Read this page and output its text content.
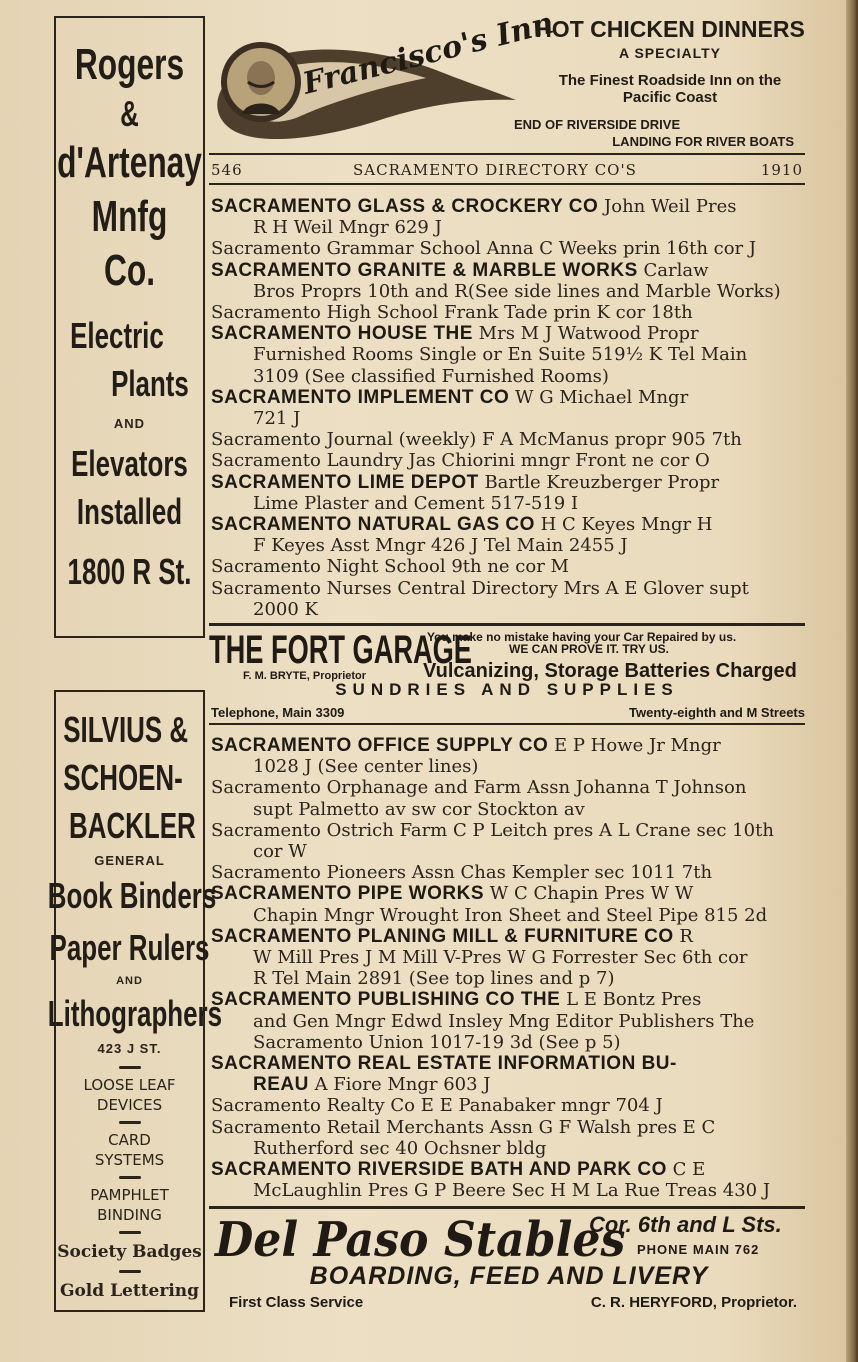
Rogers
&
d'Artenay
Mnfg
Co.
Electric
Plants
AND
Elevators
Installed
1800 R St.
SILVIUS &
SCHOEN-
BACKLER
GENERAL
Book Binders
Paper Rulers
AND
Lithographers
423 J ST.
LOOSE LEAF
DEVICES
CARD
SYSTEMS
PAMPHLET
BINDING
Society Badges
Gold Lettering
Francisco's Inn
HOT CHICKEN DINNERS
A SPECIALTY
The Finest Roadside Inn on the
Pacific Coast
END OF RIVERSIDE DRIVE
LANDING FOR RIVER BOATS
546	SACRAMENTO DIRECTORY CO'S	1910
SACRAMENTO GLASS & CROCKERY CO John Weil Pres
R H Weil Mngr 629 J
Sacramento Grammar School Anna C Weeks prin 16th cor J
SACRAMENTO GRANITE & MARBLE WORKS Carlaw
Bros Proprs 10th and R(See side lines and Marble Works)
Sacramento High School Frank Tade prin K cor 18th
SACRAMENTO HOUSE THE Mrs M J Watwood Propr
Furnished Rooms Single or En Suite 519½ K Tel Main
3109 (See classified Furnished Rooms)
SACRAMENTO IMPLEMENT CO W G Michael Mngr
721 J
Sacramento Journal (weekly) F A McManus propr 905 7th
Sacramento Laundry Jas Chiorini mngr Front ne cor O
SACRAMENTO LIME DEPOT Bartle Kreuzberger Propr
Lime Plaster and Cement 517-519 I
SACRAMENTO NATURAL GAS CO H C Keyes Mngr H
F Keyes Asst Mngr 426 J Tel Main 2455 J
Sacramento Night School 9th ne cor M
Sacramento Nurses Central Directory Mrs A E Glover supt
2000 K
THE FORT GARAGE
You make no mistake having your Car Repaired by us.
WE CAN PROVE IT. TRY US.
F. M. BRYTE, Proprietor	Vulcanizing, Storage Batteries Charged
SUNDRIES AND SUPPLIES
Telephone, Main 3309	Twenty-eighth and M Streets
SACRAMENTO OFFICE SUPPLY CO E P Howe Jr Mngr
1028 J (See center lines)
Sacramento Orphanage and Farm Assn Johanna T Johnson
supt Palmetto av sw cor Stockton av
Sacramento Ostrich Farm C P Leitch pres A L Crane sec 10th
cor W
Sacramento Pioneers Assn Chas Kempler sec 1011 7th
SACRAMENTO PIPE WORKS W C Chapin Pres W W
Chapin Mngr Wrought Iron Sheet and Steel Pipe 815 2d
SACRAMENTO PLANING MILL & FURNITURE CO R
W Mill Pres J M Mill V-Pres W G Forrester Sec 6th cor
R Tel Main 2891 (See top lines and p 7)
SACRAMENTO PUBLISHING CO THE L E Bontz Pres
and Gen Mngr Edwd Insley Mng Editor Publishers The
Sacramento Union 1017-19 3d (See p 5)
SACRAMENTO REAL ESTATE INFORMATION BU-
REAU A Fiore Mngr 603 J
Sacramento Realty Co E E Panabaker mngr 704 J
Sacramento Retail Merchants Assn G F Walsh pres E C
Rutherford sec 40 Ochsner bldg
SACRAMENTO RIVERSIDE BATH AND PARK CO C E
McLaughlin Pres G P Beere Sec H M La Rue Treas 430 J
Del Paso Stables
Cor. 6th and L Sts.
PHONE MAIN 762
BOARDING, FEED AND LIVERY
First Class Service	C. R. HERYFORD, Proprietor.
